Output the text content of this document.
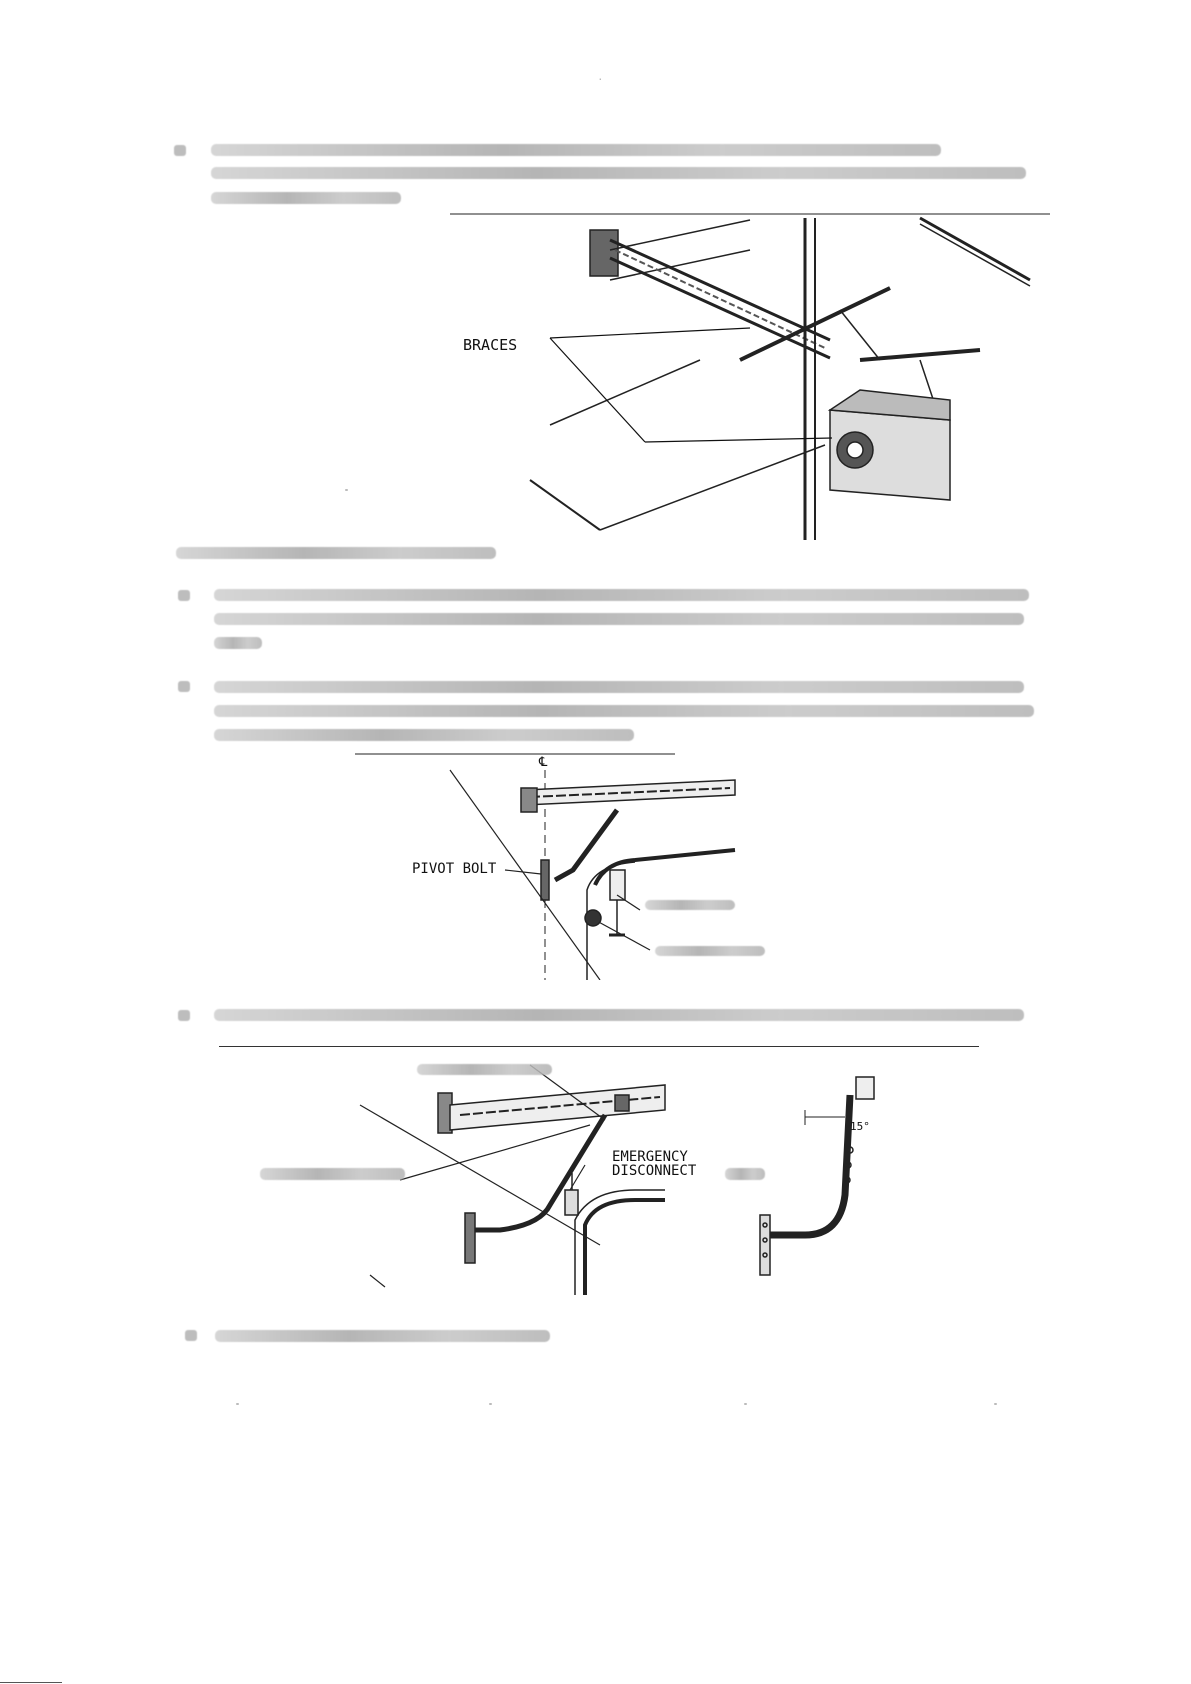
·
BRACES
℄
PIVOT BOLT
EMERGENCY
DISCONNECT
15°
